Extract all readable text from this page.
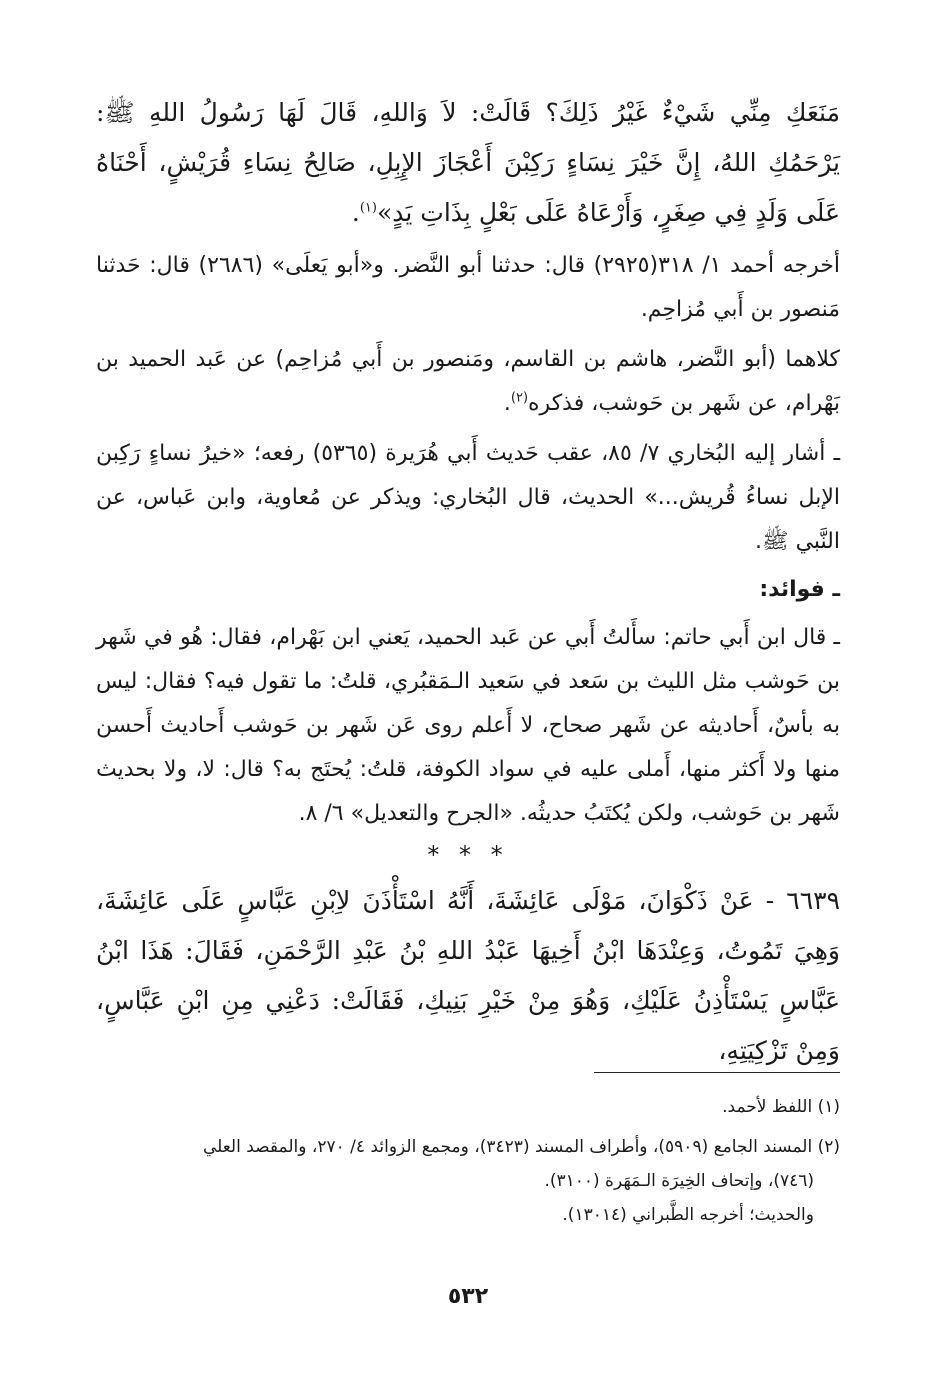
مَنَعَكِ مِنِّي شَيْءٌ غَيْرُ ذَلِكَ؟ قَالَتْ: لاَ وَاللهِ، قَالَ لَهَا رَسُولُ اللهِ ﷺ: يَرْحَمُكِ اللهُ، إِنَّ خَيْرَ نِسَاءٍ رَكِبْنَ أَعْجَازَ الإِبِلِ، صَالِحُ نِسَاءِ قُرَيْشٍ، أَحْنَاهُ عَلَى وَلَدٍ فِي صِغَرٍ، وَأَرْعَاهُ عَلَى بَعْلٍ بِذَاتِ يَدٍ»$^{(١)}$.

أخرجه أحمد ١/ ٣١٨(٢٩٢٥) قال: حدثنا أبو النَّضر. و«أبو يَعلَى» (٢٦٨٦) قال: حَدثنا مَنصور بن أَبي مُزاحِم.

كلاهما (أبو النَّضر، هاشم بن القاسم، ومَنصور بن أَبي مُزاحِم) عن عَبد الحميد بن بَهْرام، عن شَهر بن حَوشب، فذكره$^{(٢)}$.

ـ أشار إليه البُخاري ٧/ ٨٥، عقب حَديث أَبي هُرَيرة (٥٣٦٥) رفعه؛ «خيرُ نساءٍ رَكِبن الإبل نساءُ قُريش...» الحديث، قال البُخاري: ويذكر عن مُعاوية، وابن عَباس، عن النَّبي ﷺ.

ـ فوائد:

ـ قال ابن أَبي حاتم: سأَلتُ أَبي عن عَبد الحميد، يَعني ابن بَهْرام، فقال: هُو في شَهر بن حَوشب مثل الليث بن سَعد في سَعيد الـمَقبُري، قلتُ: ما تقول فيه؟ فقال: ليس به بأسٌ، أَحاديثه عن شَهر صحاح، لا أَعلم روى عَن شَهر بن حَوشب أَحاديث أَحسن منها ولا أَكثر منها، أَملى عليه في سواد الكوفة، قلتُ: يُحتَج به؟ قال: لا، ولا بحديث شَهر بن حَوشب، ولكن يُكتَبُ حديثُه. «الجرح والتعديل» ٦/ ٨.

* * *

٦٦٣٩ - عَنْ ذَكْوَانَ، مَوْلَى عَائِشَةَ، أَنَّهُ اسْتَأْذَنَ لاِبْنِ عَبَّاسٍ عَلَى عَائِشَةَ، وَهِيَ تَمُوتُ، وَعِنْدَهَا ابْنُ أَخِيهَا عَبْدُ اللهِ بْنُ عَبْدِ الرَّحْمَنِ، فَقَالَ: هَذَا ابْنُ عَبَّاسٍ يَسْتَأْذِنُ عَلَيْكِ، وَهُوَ مِنْ خَيْرِ بَنِيكِ، فَقَالَتْ: دَعْنِي مِنِ ابْنِ عَبَّاسٍ، وَمِنْ تَزْكِيَتِهِ،

(١) اللفظ لأحمد.

(٢) المسند الجامع (٥٩٠٩)، وأطراف المسند (٣٤٢٣)، ومجمع الزوائد ٤/ ٢٧٠، والمقصد العلي

(٧٤٦)، وإتحاف الخِيرَة الـمَهَرة (٣١٠٠).

والحديث؛ أخرجه الطَّبراني (١٣٠١٤).

٥٣٢
